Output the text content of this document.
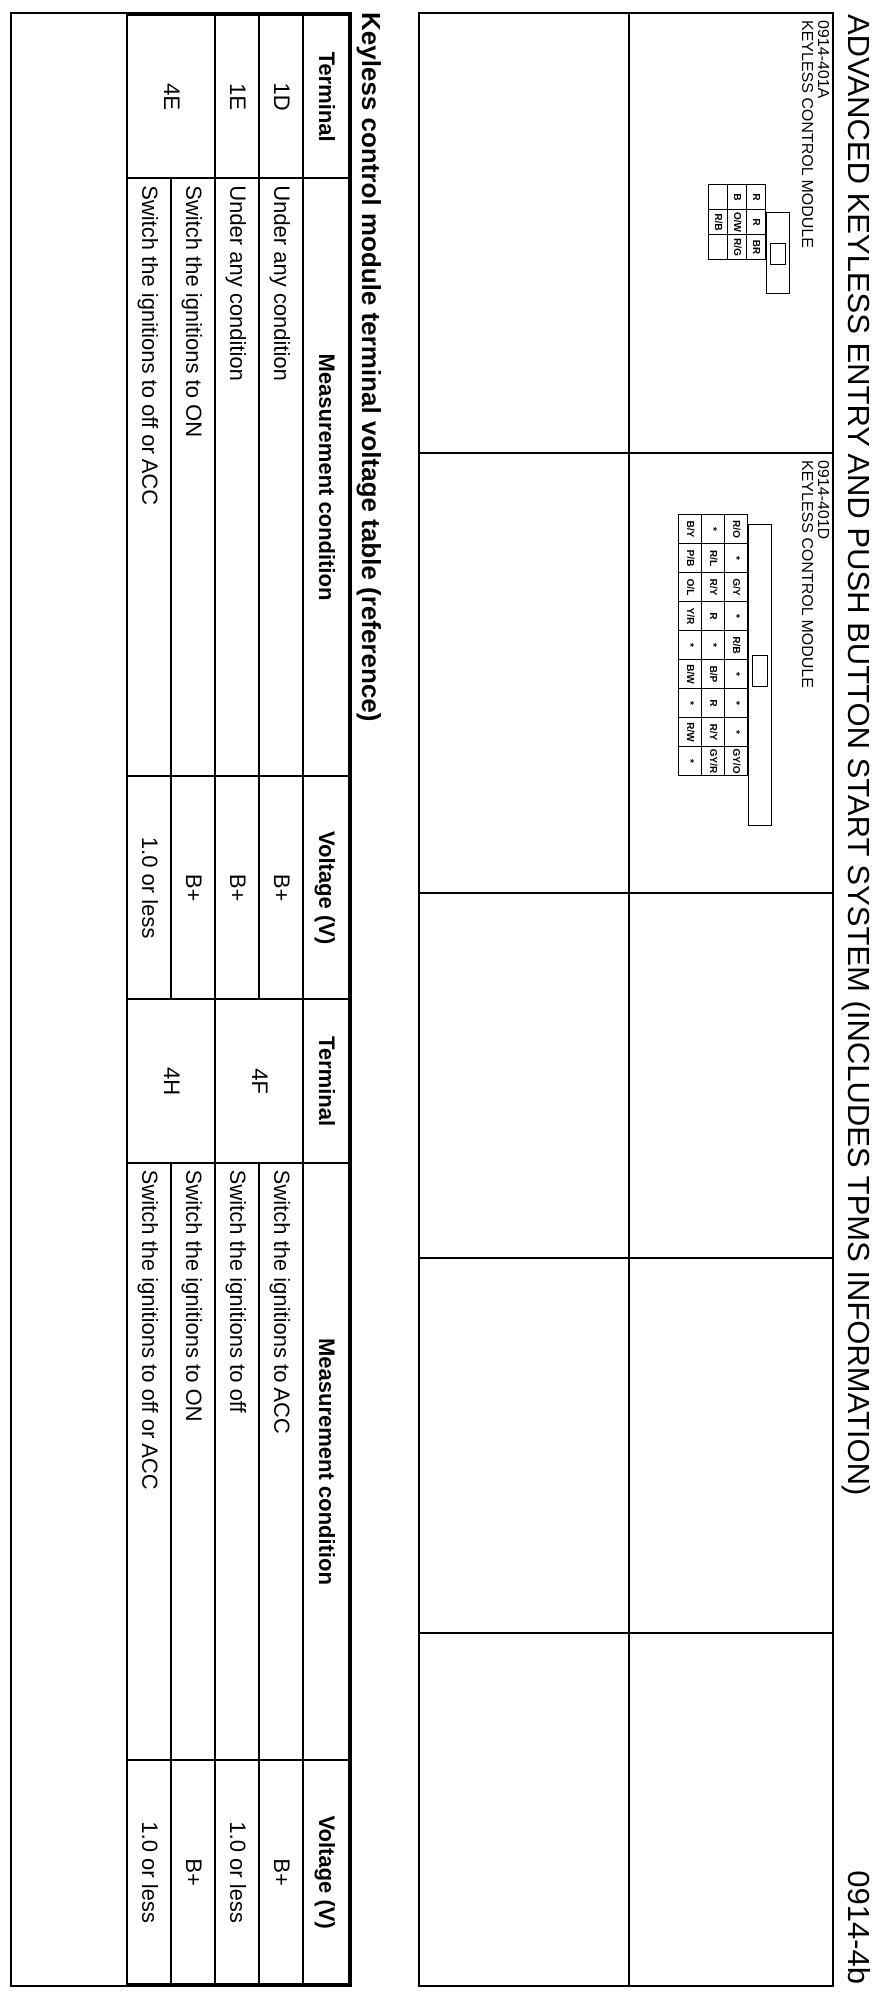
ADVANCED KEYLESS ENTRY AND PUSH BUTTON START SYSTEM (INCLUDES TPMS INFORMATION)
0914-4b
0914-401A
KEYLESS CONTROL MODULE
R	R	BR
B	O/W	R/G
	R/B	
0914-401D
KEYLESS CONTROL MODULE
R/O	*	G/Y	*	R/B	*	*	*	GY/O
*	R/L	R/Y	R	*	B/P	R	R/Y	GY/R
B/Y	P/B	O/L	Y/R	*	B/W	*	R/W	*
Keyless control module terminal voltage table (reference)
Terminal	Measurement condition	Voltage (V)	Terminal	Measurement condition	Voltage (V)
1D	Under any condition	B+	4F	Switch the ignitions to ACC	B+
1E	Under any condition	B+		Switch the ignitions to off	1.0 or less
4E	Switch the ignitions to ON	B+	4H	Switch the ignitions to ON	B+
	Switch the ignitions to off or ACC	1.0 or less		Switch the ignitions to off or ACC	1.0 or less
